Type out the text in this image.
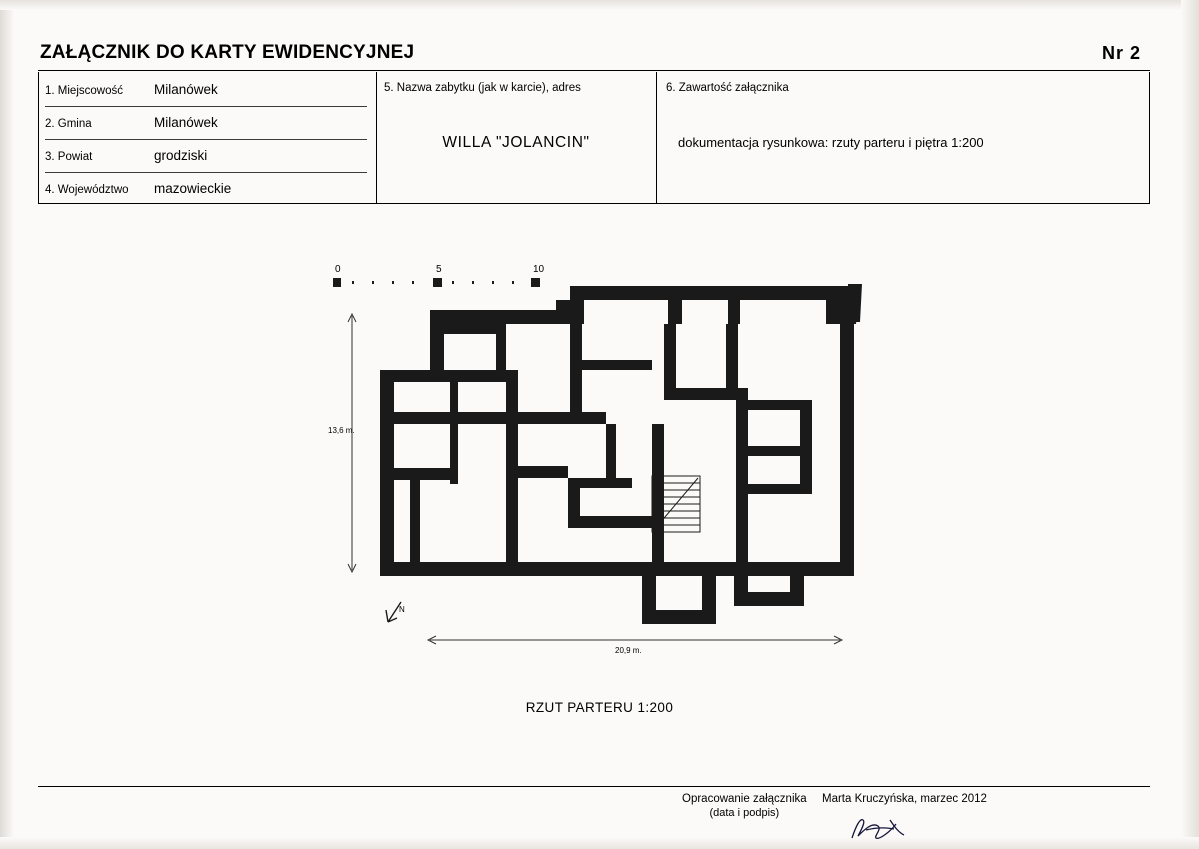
ZAŁĄCZNIK DO KARTY EWIDENCYJNEJ	Nr 2
1. Miejscowość Milanówek
2. Gmina	Milanówek
3. Powiat	grodziski
4. Województwo mazowieckie
5. Nazwa zabytku (jak w karcie), adres
WILLA "JOLANCIN"
6. Zawartość załącznika
dokumentacja rysunkowa: rzuty parteru i piętra 1:200
0	5	10
13,6 m.
20,9 m.
N
RZUT PARTERU 1:200
Opracowanie załącznika
(data i podpis)
Marta Kruczyńska, marzec 2012
